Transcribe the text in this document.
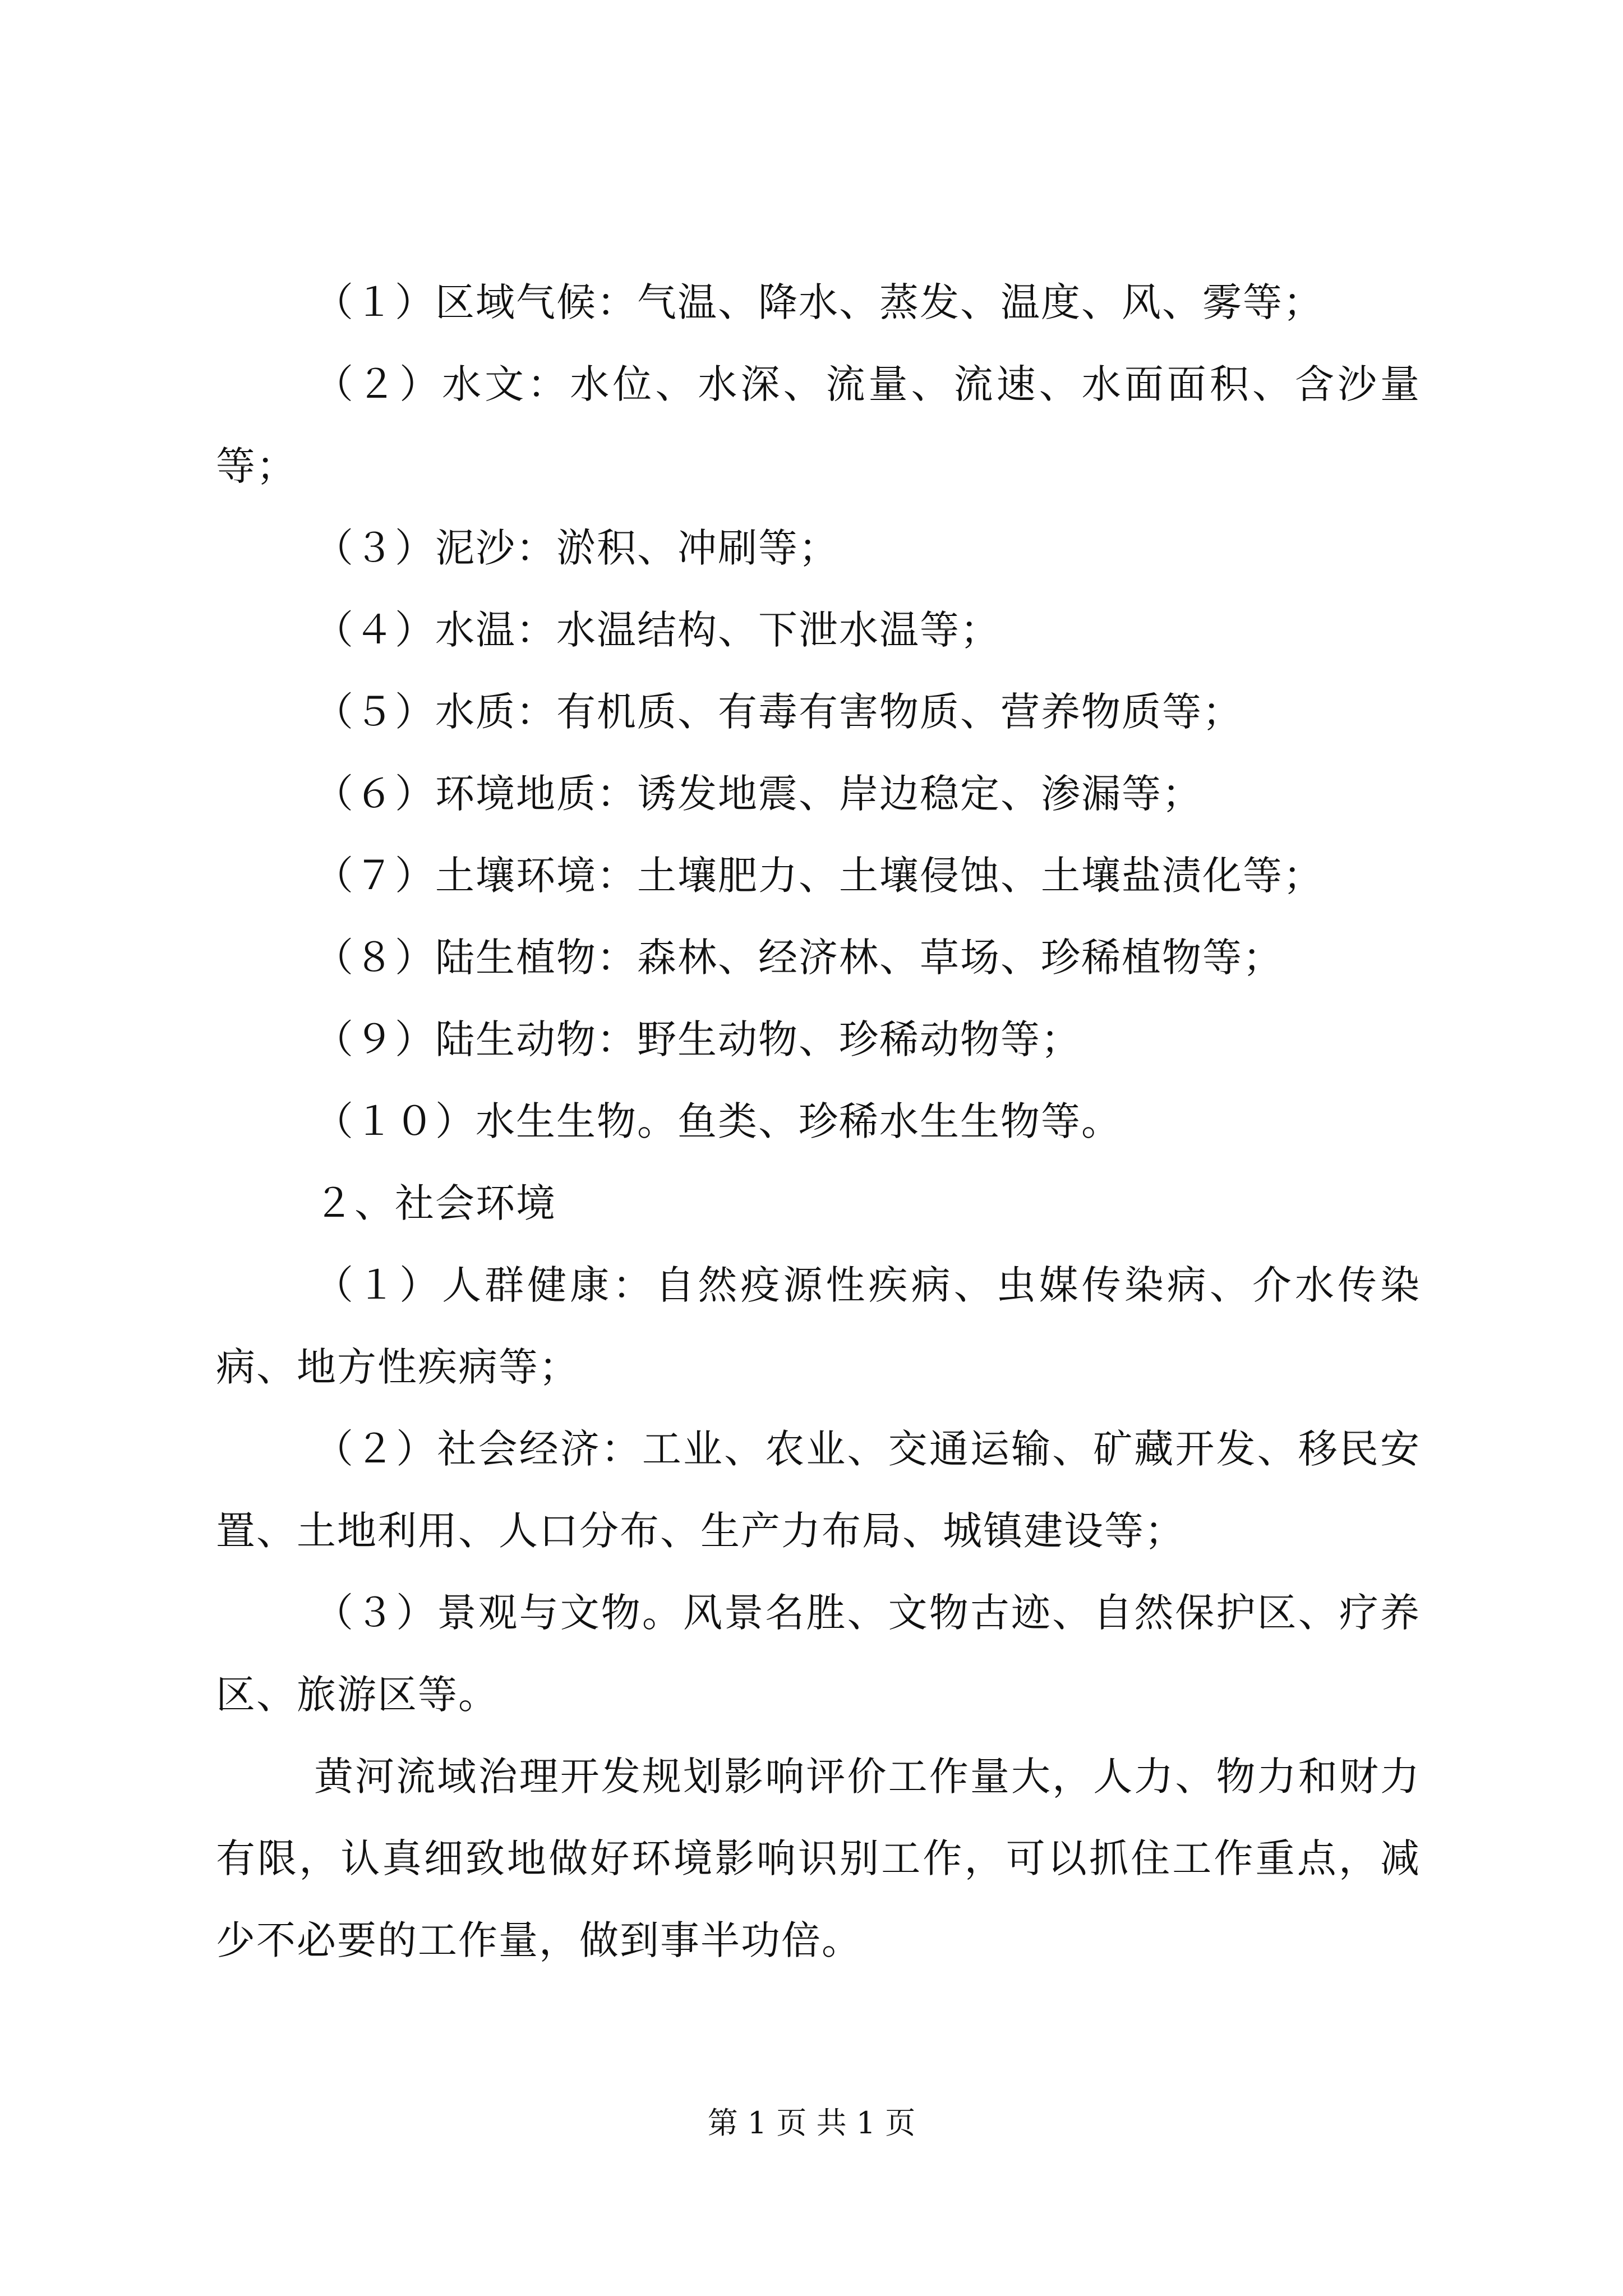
（１）区域气候：气温、降水、蒸发、温度、风、雾等；

（２）水文：水位、水深、流量、流速、水面面积、含沙量等；

（３）泥沙：淤积、冲刷等；

（４）水温：水温结构、下泄水温等；

（５）水质：有机质、有毒有害物质、营养物质等；

（６）环境地质：诱发地震、岸边稳定、渗漏等；

（７）土壤环境：土壤肥力、土壤侵蚀、土壤盐渍化等；

（８）陆生植物：森林、经济林、草场、珍稀植物等；

（９）陆生动物：野生动物、珍稀动物等；

（１０）水生生物。鱼类、珍稀水生生物等。

２、社会环境

（１）人群健康：自然疫源性疾病、虫媒传染病、介水传染病、地方性疾病等；

（２）社会经济：工业、农业、交通运输、矿藏开发、移民安置、土地利用、人口分布、生产力布局、城镇建设等；

（３）景观与文物。风景名胜、文物古迹、自然保护区、疗养区、旅游区等。

黄河流域治理开发规划影响评价工作量大，人力、物力和财力有限，认真细致地做好环境影响识别工作，可以抓住工作重点，减少不必要的工作量，做到事半功倍。

第 1 页 共 1 页
